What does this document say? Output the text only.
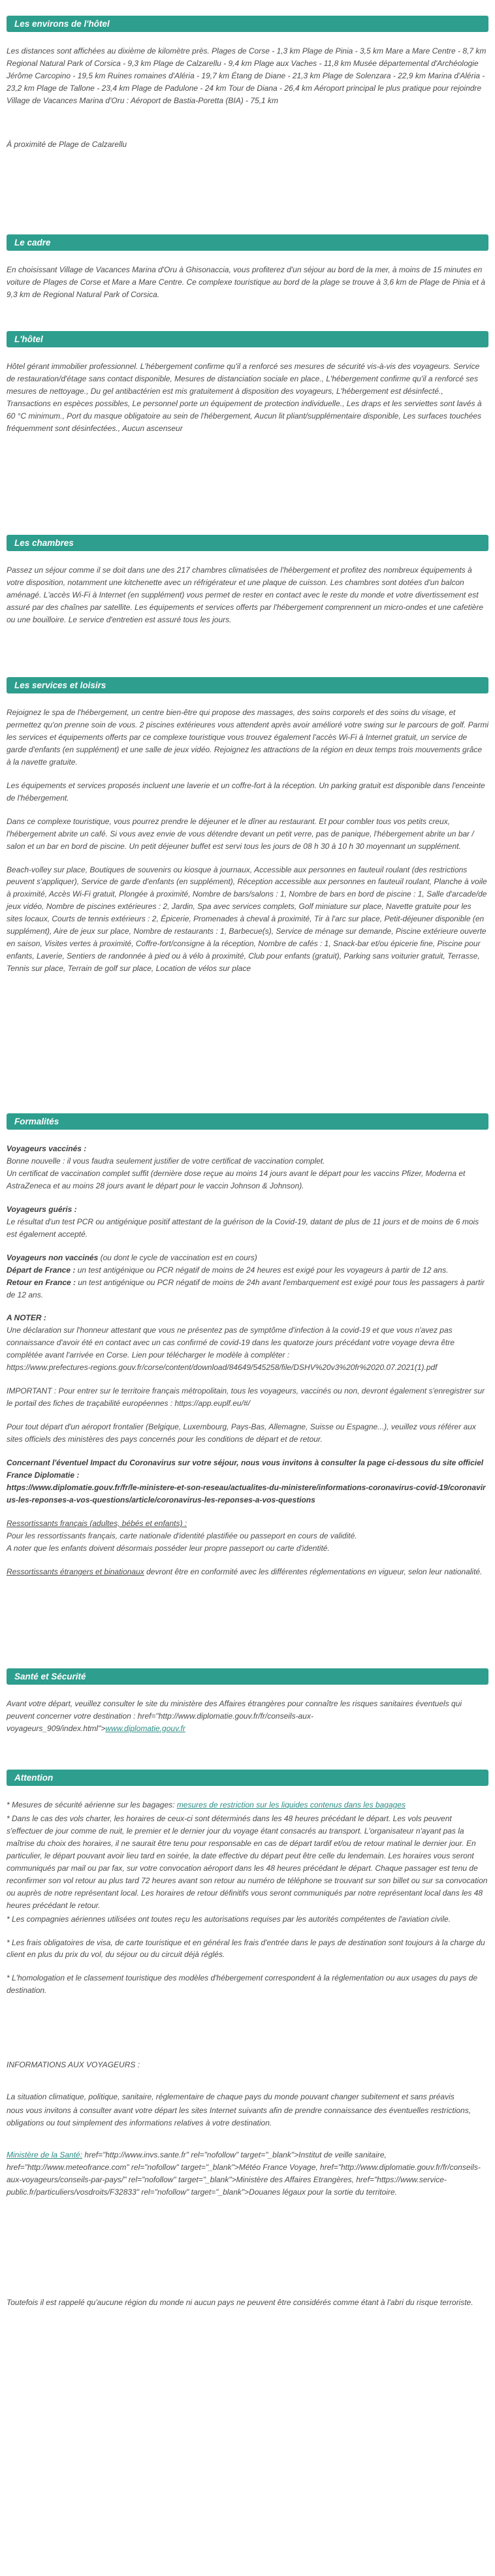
Les environs de l'hôtel

Les distances sont affichées au dixième de kilomètre près. Plages de Corse - 1,3 km Plage de Pinia - 3,5 km Mare a Mare Centre - 8,7 km Regional Natural Park of Corsica - 9,3 km Plage de Calzarellu - 9,4 km Plage aux Vaches - 11,8 km Musée départemental d'Archéologie Jérôme Carcopino - 19,5 km Ruines romaines d'Aléria - 19,7 km Étang de Diane - 21,3 km Plage de Solenzara - 22,9 km Marina d'Aléria - 23,2 km Plage de Tallone - 23,4 km Plage de Padulone - 24 km Tour de Diana - 26,4 km Aéroport principal le plus pratique pour rejoindre Village de Vacances Marina d'Oru : Aéroport de Bastia-Poretta (BIA) - 75,1 km

À proximité de Plage de Calzarellu

Le cadre

En choisissant Village de Vacances Marina d'Oru à Ghisonaccia, vous profiterez d'un séjour au bord de la mer, à moins de 15 minutes en voiture de Plages de Corse et Mare a Mare Centre. Ce complexe touristique au bord de la plage se trouve à 3,6 km de Plage de Pinia et à 9,3 km de Regional Natural Park of Corsica.

L'hôtel

Hôtel gérant immobilier professionnel. L'hébergement confirme qu'il a renforcé ses mesures de sécurité vis-à-vis des voyageurs. Service de restauration/d'étage sans contact disponible, Mesures de distanciation sociale en place., L'hébergement confirme qu'il a renforcé ses mesures de nettoyage., Du gel antibactérien est mis gratuitement à disposition des voyageurs, L'hébergement est désinfecté., Transactions en espèces possibles, Le personnel porte un équipement de protection individuelle., Les draps et les serviettes sont lavés à 60 °C minimum., Port du masque obligatoire au sein de l'hébergement, Aucun lit pliant/supplémentaire disponible, Les surfaces touchées fréquemment sont désinfectées., Aucun ascenseur

Les chambres

Passez un séjour comme il se doit dans une des 217 chambres climatisées de l'hébergement et profitez des nombreux équipements à votre disposition, notamment une kitchenette avec un réfrigérateur et une plaque de cuisson. Les chambres sont dotées d'un balcon aménagé. L'accès Wi-Fi à Internet (en supplément) vous permet de rester en contact avec le reste du monde et votre divertissement est assuré par des chaînes par satellite. Les équipements et services offerts par l'hébergement comprennent un micro-ondes et une cafetière ou une bouilloire. Le service d'entretien est assuré tous les jours.

Les services et loisirs

Rejoignez le spa de l'hébergement, un centre bien-être qui propose des massages, des soins corporels et des soins du visage, et permettez qu'on prenne soin de vous. 2 piscines extérieures vous attendent après avoir amélioré votre swing sur le parcours de golf. Parmi les services et équipements offerts par ce complexe touristique vous trouvez également l'accès Wi-Fi à Internet gratuit, un service de garde d'enfants (en supplément) et une salle de jeux vidéo. Rejoignez les attractions de la région en deux temps trois mouvements grâce à la navette gratuite.

Les équipements et services proposés incluent une laverie et un coffre-fort à la réception. Un parking gratuit est disponible dans l'enceinte de l'hébergement.

Dans ce complexe touristique, vous pourrez prendre le déjeuner et le dîner au restaurant. Et pour combler tous vos petits creux, l'hébergement abrite un café. Si vous avez envie de vous détendre devant un petit verre, pas de panique, l'hébergement abrite un bar / salon et un bar en bord de piscine. Un petit déjeuner buffet est servi tous les jours de 08 h 30 à 10 h 30 moyennant un supplément.

Beach-volley sur place, Boutiques de souvenirs ou kiosque à journaux, Accessible aux personnes en fauteuil roulant (des restrictions peuvent s'appliquer), Service de garde d'enfants (en supplément), Réception accessible aux personnes en fauteuil roulant, Planche à voile à proximité, Accès Wi-Fi gratuit, Plongée à proximité, Nombre de bars/salons : 1, Nombre de bars en bord de piscine : 1, Salle d'arcade/de jeux vidéo, Nombre de piscines extérieures : 2, Jardin, Spa avec services complets, Golf miniature sur place, Navette gratuite pour les sites locaux, Courts de tennis extérieurs : 2, Épicerie, Promenades à cheval à proximité, Tir à l'arc sur place, Petit-déjeuner disponible (en supplément), Aire de jeux sur place, Nombre de restaurants : 1, Barbecue(s), Service de ménage sur demande, Piscine extérieure ouverte en saison, Visites vertes à proximité, Coffre-fort/consigne à la réception, Nombre de cafés : 1, Snack-bar et/ou épicerie fine, Piscine pour enfants, Laverie, Sentiers de randonnée à pied ou à vélo à proximité, Club pour enfants (gratuit), Parking sans voiturier gratuit, Terrasse, Tennis sur place, Terrain de golf sur place, Location de vélos sur place

Formalités

Voyageurs vaccinés :

Bonne nouvelle : il vous faudra seulement justifier de votre certificat de vaccination complet.

Un certificat de vaccination complet suffit (dernière dose reçue au moins 14 jours avant le départ pour les vaccins Pfizer, Moderna et AstraZeneca et au moins 28 jours avant le départ pour le vaccin Johnson & Johnson).

Voyageurs guéris :

Le résultat d'un test PCR ou antigénique positif attestant de la guérison de la Covid-19, datant de plus de 11 jours et de moins de 6 mois est également accepté.

Voyageurs non vaccinés (ou dont le cycle de vaccination est en cours)

Départ de France : un test antigénique ou PCR négatif de moins de 24 heures est exigé pour les voyageurs à partir de 12 ans.

Retour en France : un test antigénique ou PCR négatif de moins de 24h avant l'embarquement est exigé pour tous les passagers à partir de 12 ans.

A NOTER :

Une déclaration sur l'honneur attestant que vous ne présentez pas de symptôme d'infection à la covid-19 et que vous n'avez pas connaissance d'avoir été en contact avec un cas confirmé de covid-19 dans les quatorze jours précédant votre voyage devra être complétée avant l'arrivée en Corse. Lien pour télécharger le modèle à compléter :

https://www.prefectures-regions.gouv.fr/corse/content/download/84649/545258/file/DSHV%20v3%20fr%2020.07.2021(1).pdf

IMPORTANT : Pour entrer sur le territoire français métropolitain, tous les voyageurs, vaccinés ou non, devront également s'enregistrer sur le portail des fiches de traçabilité européennes : https://app.euplf.eu/#/

Pour tout départ d'un aéroport frontalier (Belgique, Luxembourg, Pays-Bas, Allemagne, Suisse ou Espagne...), veuillez vous référer aux sites officiels des ministères des pays concernés pour les conditions de départ et de retour.

Concernant l'éventuel Impact du Coronavirus sur votre séjour, nous vous invitons à consulter la page ci-dessous du site officiel France Diplomatie :

https://www.diplomatie.gouv.fr/fr/le-ministere-et-son-reseau/actualites-du-ministere/informations-coronavirus-covid-19/coronavirus-les-reponses-a-vos-questions/article/coronavirus-les-reponses-a-vos-questions

Ressortissants français (adultes, bébés et enfants) :

Pour les ressortissants français, carte nationale d'identité plastifiée ou passeport en cours de validité.

A noter que les enfants doivent désormais posséder leur propre passeport ou carte d'identité.

Ressortissants étrangers et binationaux devront être en conformité avec les différentes réglementations en vigueur, selon leur nationalité.

Santé et Sécurité

Avant votre départ, veuillez consulter le site du ministère des Affaires étrangères pour connaître les risques sanitaires éventuels qui peuvent concerner votre destination : href="http://www.diplomatie.gouv.fr/fr/conseils-aux-voyageurs_909/index.html">www.diplomatie.gouv.fr

Attention

* Mesures de sécurité aérienne sur les bagages: mesures de restriction sur les liquides contenus dans les bagages

* Dans le cas des vols charter, les horaires de ceux-ci sont déterminés dans les 48 heures précédant le départ. Les vols peuvent s'effectuer de jour comme de nuit, le premier et le dernier jour du voyage étant consacrés au transport. L'organisateur n'ayant pas la maîtrise du choix des horaires, il ne saurait être tenu pour responsable en cas de départ tardif et/ou de retour matinal le dernier jour. En particulier, le départ pouvant avoir lieu tard en soirée, la date effective du départ peut être celle du lendemain. Les horaires vous seront communiqués par mail ou par fax, sur votre convocation aéroport dans les 48 heures précédant le départ. Chaque passager est tenu de reconfirmer son vol retour au plus tard 72 heures avant son retour au numéro de téléphone se trouvant sur son billet ou sur sa convocation ou auprès de notre représentant local. Les horaires de retour définitifs vous seront communiqués par notre représentant local dans les 48 heures précédant le retour.

* Les compagnies aériennes utilisées ont toutes reçu les autorisations requises par les autorités compétentes de l'aviation civile.

* Les frais obligatoires de visa, de carte touristique et en général les frais d'entrée dans le pays de destination sont toujours à la charge du client en plus du prix du vol, du séjour ou du circuit déjà réglés.

* L'homologation et le classement touristique des modèles d'hébergement correspondent à la réglementation ou aux usages du pays de destination.

INFORMATIONS AUX VOYAGEURS :

La situation climatique, politique, sanitaire, réglementaire de chaque pays du monde pouvant changer subitement et sans préavis

nous vous invitons à consulter avant votre départ les sites Internet suivants afin de prendre connaissance des éventuelles restrictions, obligations ou tout simplement des informations relatives à votre destination.

Ministère de la Santé: href="http://www.invs.sante.fr" rel="nofollow" target="_blank">Institut de veille sanitaire, href="http://www.meteofrance.com" rel="nofollow" target="_blank">Météo France Voyage, href="http://www.diplomatie.gouv.fr/fr/conseils-aux-voyageurs/conseils-par-pays/" rel="nofollow" target="_blank">Ministère des Affaires Etrangères, href="https://www.service-public.fr/particuliers/vosdroits/F32833" rel="nofollow" target="_blank">Douanes légaux pour la sortie du territoire.

Toutefois il est rappelé qu'aucune région du monde ni aucun pays ne peuvent être considérés comme étant à l'abri du risque terroriste.
